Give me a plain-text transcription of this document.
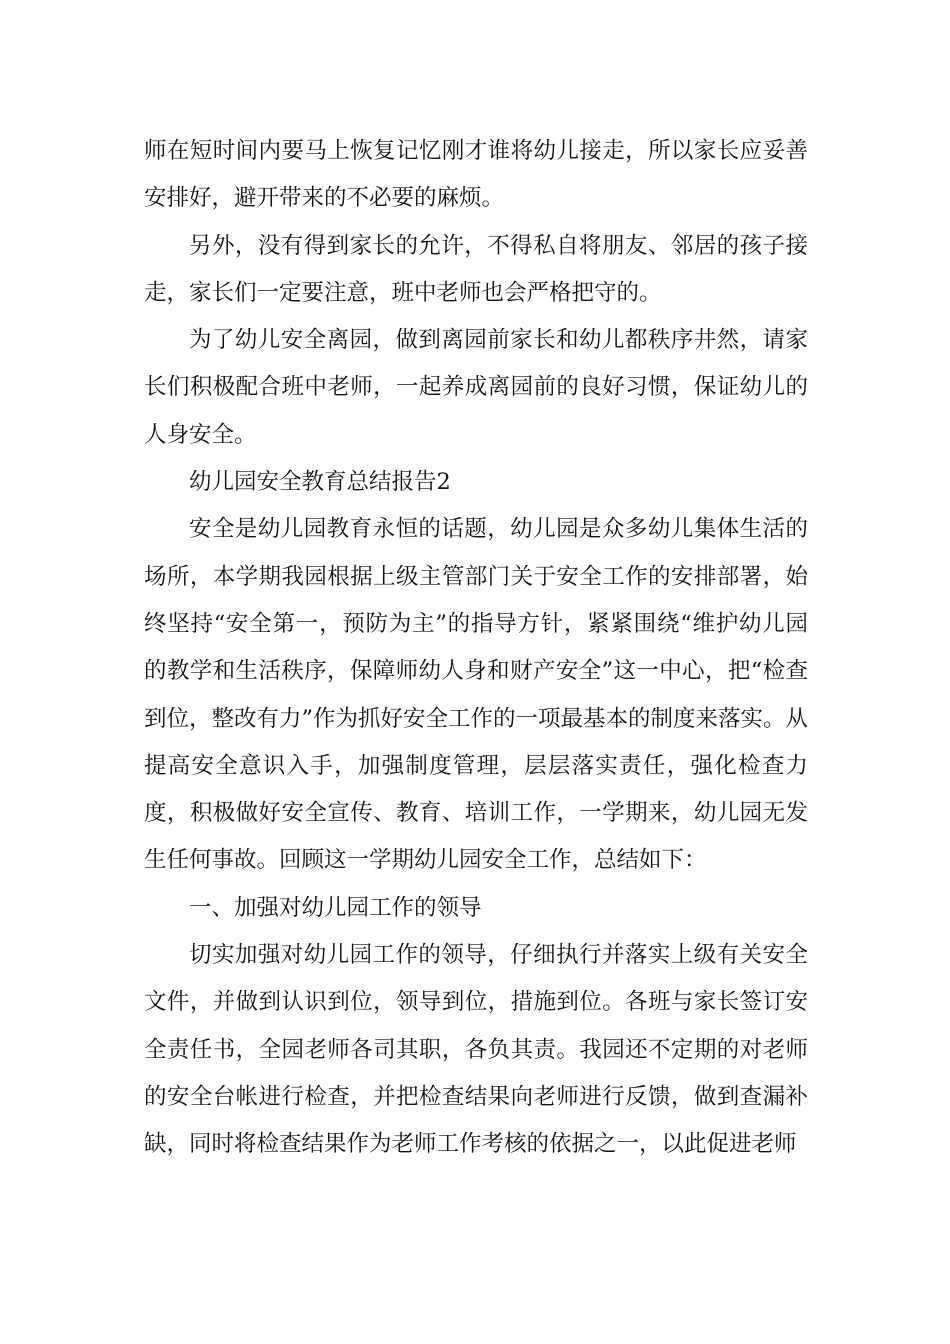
师在短时间内要马上恢复记忆刚才谁将幼儿接走，所以家长应妥善安排好，避开带来的不必要的麻烦。

另外，没有得到家长的允许，不得私自将朋友、邻居的孩子接走，家长们一定要注意，班中老师也会严格把守的。

为了幼儿安全离园，做到离园前家长和幼儿都秩序井然，请家长们积极配合班中老师，一起养成离园前的良好习惯，保证幼儿的人身安全。

幼儿园安全教育总结报告2

安全是幼儿园教育永恒的话题，幼儿园是众多幼儿集体生活的场所，本学期我园根据上级主管部门关于安全工作的安排部署，始终坚持“安全第一，预防为主”的指导方针，紧紧围绕“维护幼儿园的教学和生活秩序，保障师幼人身和财产安全”这一中心，把“检查到位，整改有力”作为抓好安全工作的一项最基本的制度来落实。从提高安全意识入手，加强制度管理，层层落实责任，强化检查力度，积极做好安全宣传、教育、培训工作，一学期来，幼儿园无发生任何事故。回顾这一学期幼儿园安全工作，总结如下：

一、加强对幼儿园工作的领导

切实加强对幼儿园工作的领导，仔细执行并落实上级有关安全文件，并做到认识到位，领导到位，措施到位。各班与家长签订安全责任书，全园老师各司其职，各负其责。我园还不定期的对老师的安全台帐进行检查，并把检查结果向老师进行反馈，做到查漏补缺，同时将检查结果作为老师工作考核的依据之一，以此促进老师
